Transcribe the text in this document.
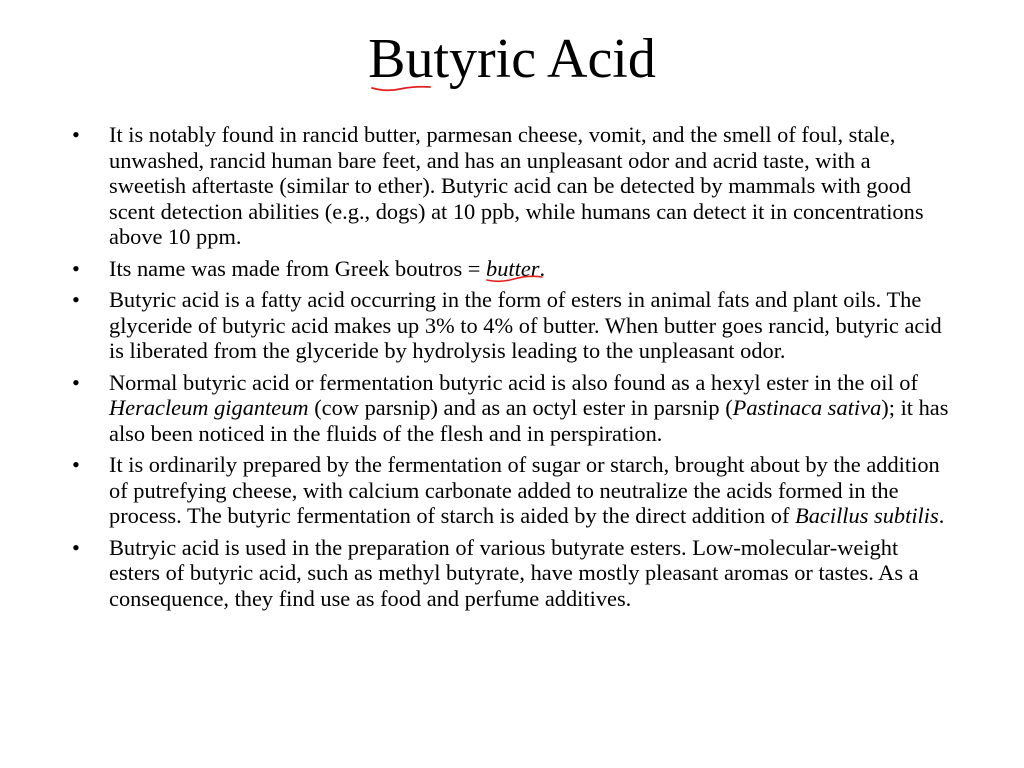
Butyric Acid
• It is notably found in rancid butter, parmesan cheese, vomit, and the smell of foul, stale, unwashed, rancid human bare feet, and has an unpleasant odor and acrid taste, with a sweetish aftertaste (similar to ether). Butyric acid can be detected by mammals with good scent detection abilities (e.g., dogs) at 10 ppb, while humans can detect it in concentrations above 10 ppm.
• Its name was made from Greek boutros = butter
.
• Butyric acid is a fatty acid occurring in the form of esters in animal fats and plant oils. The glyceride of butyric acid makes up 3% to 4% of butter. When butter goes rancid, butyric acid is liberated from the glyceride by hydrolysis leading to the unpleasant odor.
• Normal butyric acid or fermentation butyric acid is also found as a hexyl ester in the oil of Heracleum giganteum (cow parsnip) and as an octyl ester in parsnip (Pastinaca sativa); it has also been noticed in the fluids of the flesh and in perspiration.
• It is ordinarily prepared by the fermentation of sugar or starch, brought about by the addition of putrefying cheese, with calcium carbonate added to neutralize the acids formed in the process. The butyric fermentation of starch is aided by the direct addition of Bacillus subtilis.
• Butryic acid is used in the preparation of various butyrate esters. Low-molecular-weight esters of butyric acid, such as methyl butyrate, have mostly pleasant aromas or tastes. As a consequence, they find use as food and perfume additives.
